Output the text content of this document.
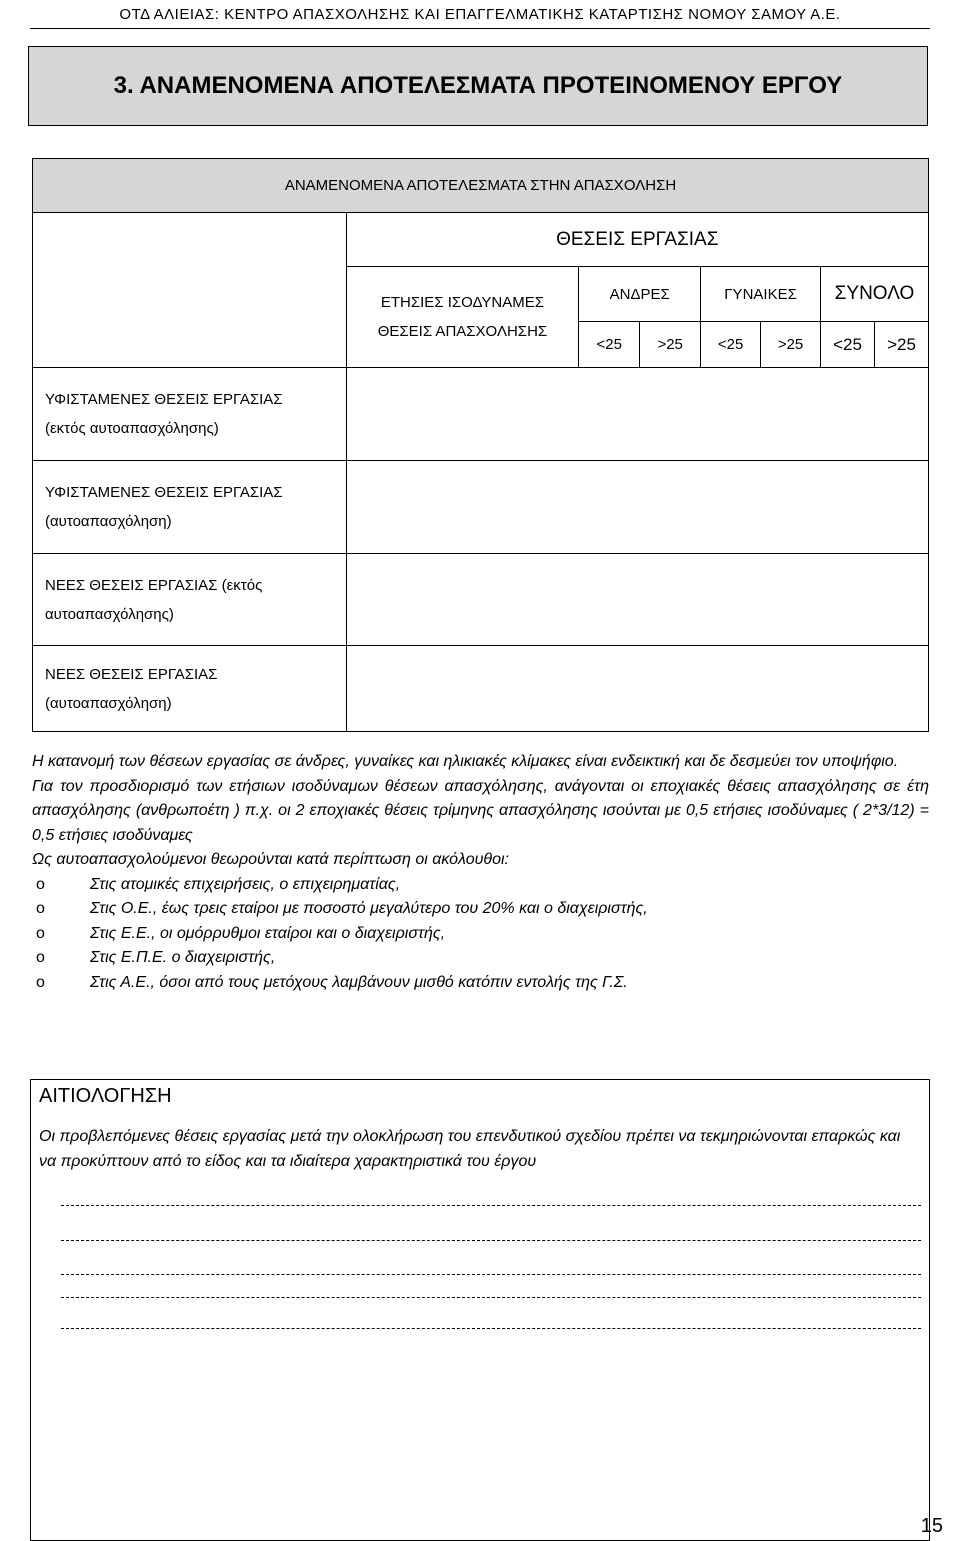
ΟΤΔ ΑΛΙΕΙΑΣ: ΚΕΝΤΡΟ ΑΠΑΣΧΟΛΗΣΗΣ ΚΑΙ ΕΠΑΓΓΕΛΜΑΤΙΚΗΣ ΚΑΤΑΡΤΙΣΗΣ ΝΟΜΟΥ ΣΑΜΟΥ Α.Ε.
3. ΑΝΑΜΕΝΟΜΕΝΑ ΑΠΟΤΕΛΕΣΜΑΤΑ ΠΡΟΤΕΙΝΟΜΕΝΟΥ ΕΡΓΟΥ
ΑΝΑΜΕΝΟΜΕΝΑ ΑΠΟΤΕΛΕΣΜΑΤΑ ΣΤΗΝ ΑΠΑΣΧΟΛΗΣΗ							
	ΘΕΣΕΙΣ ΕΡΓΑΣΙΑΣ						

	ΕΤΗΣΙΕΣ ΙΣΟΔΥΝΑΜΕΣ
ΘΕΣΕΙΣ ΑΠΑΣΧΟΛΗΣΗΣ	ΑΝΔΡΕΣ		ΓΥΝΑΙΚΕΣ		ΣΥΝΟΛΟ	
		<25	>25	<25	>25	<25	>25

ΥΦΙΣΤΑΜΕΝΕΣ ΘΕΣΕΙΣ ΕΡΓΑΣΙΑΣ
(εκτός αυτοαπασχόλησης)							

ΥΦΙΣΤΑΜΕΝΕΣ ΘΕΣΕΙΣ ΕΡΓΑΣΙΑΣ
(αυτοαπασχόληση)							

ΝΕΕΣ ΘΕΣΕΙΣ ΕΡΓΑΣΙΑΣ (εκτός
αυτοαπασχόλησης)							

ΝΕΕΣ ΘΕΣΕΙΣ ΕΡΓΑΣΙΑΣ
(αυτοαπασχόληση)							

Η κατανομή των θέσεων εργασίας σε άνδρες, γυναίκες και ηλικιακές κλίμακες είναι ενδεικτική και δε δεσμεύει τον υποψήφιο.

Για τον προσδιορισμό των ετήσιων ισοδύναμων θέσεων απασχόλησης, ανάγονται οι εποχιακές θέσεις απασχόλησης σε έτη απασχόλησης (ανθρωποέτη ) π.χ. οι 2 εποχιακές θέσεις τρίμηνης απασχόλησης ισούνται με 0,5 ετήσιες ισοδύναμες ( 2*3/12) = 0,5 ετήσιες ισοδύναμες

Ως αυτοαπασχολούμενοι θεωρούνται κατά περίπτωση οι ακόλουθοι:

o	Στις ατομικές επιχειρήσεις, ο επιχειρηματίας,
o	Στις Ο.Ε., έως τρεις εταίροι με ποσοστό μεγαλύτερο του 20% και ο διαχειριστής,
o	Στις Ε.Ε., οι ομόρρυθμοι εταίροι και ο διαχειριστής,
o	Στις Ε.Π.Ε. ο διαχειριστής,
o	Στις Α.Ε., όσοι από τους μετόχους λαμβάνουν μισθό κατόπιν εντολής της Γ.Σ.
ΑΙΤΙΟΛΟΓΗΣΗ
Οι προβλεπόμενες θέσεις εργασίας μετά την ολοκλήρωση του επενδυτικού σχεδίου πρέπει να τεκμηριώνονται επαρκώς και να προκύπτουν από το είδος και τα ιδιαίτερα χαρακτηριστικά του έργου
15
